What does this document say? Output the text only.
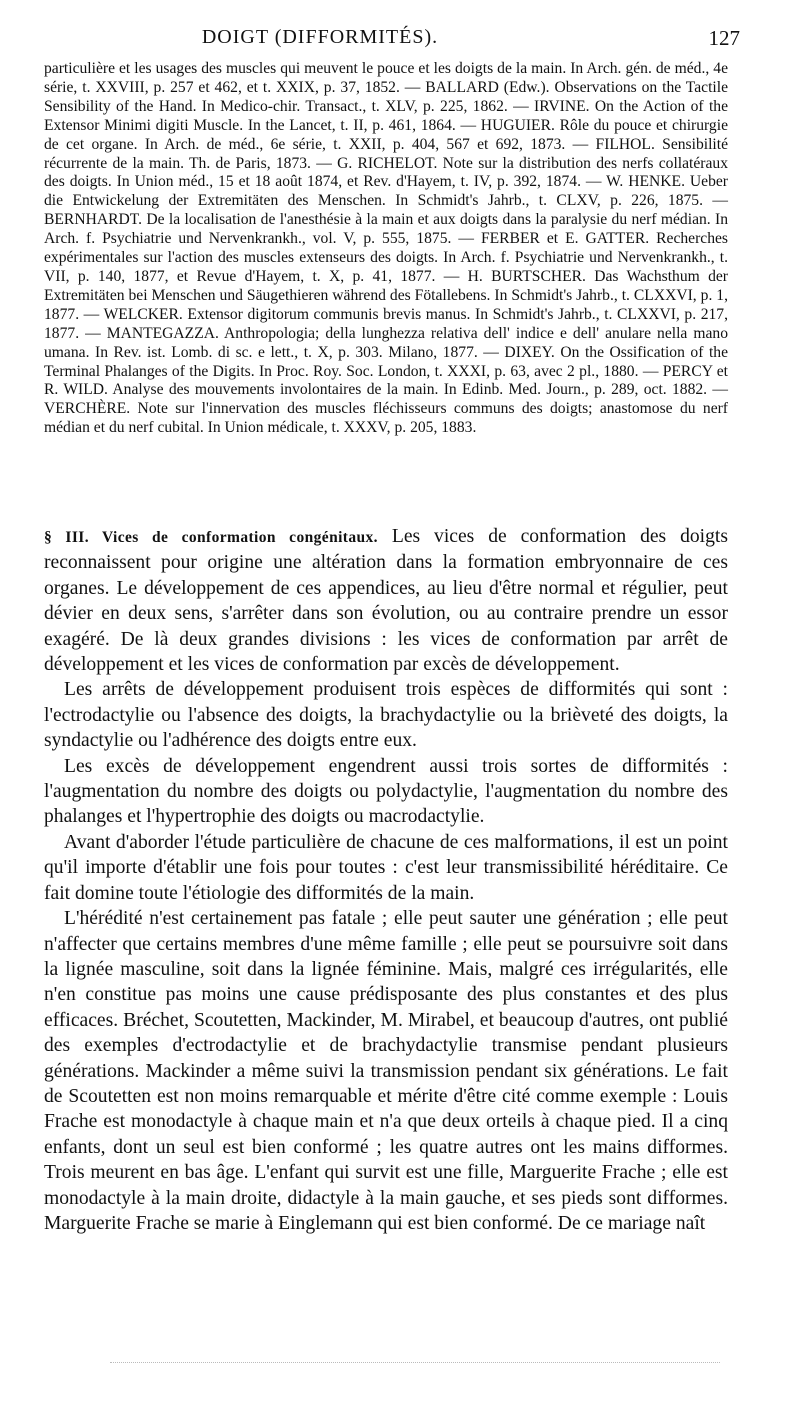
DOIGT (DIFFORMITÉS).	127

particulière et les usages des muscles qui meuvent le pouce et les doigts de la main. In Arch. gén. de méd., 4e série, t. XXVIII, p. 257 et 462, et t. XXIX, p. 37, 1852. — BALLARD (Edw.). Observations on the Tactile Sensibility of the Hand. In Medico-chir. Transact., t. XLV, p. 225, 1862. — IRVINE. On the Action of the Extensor Minimi digiti Muscle. In the Lancet, t. II, p. 461, 1864. — HUGUIER. Rôle du pouce et chirurgie de cet organe. In Arch. de méd., 6e série, t. XXII, p. 404, 567 et 692, 1873. — FILHOL. Sensibilité récurrente de la main. Th. de Paris, 1873. — G. RICHELOT. Note sur la distribution des nerfs collatéraux des doigts. In Union méd., 15 et 18 août 1874, et Rev. d'Hayem, t. IV, p. 392, 1874. — W. HENKE. Ueber die Entwickelung der Extremitäten des Menschen. In Schmidt's Jahrb., t. CLXV, p. 226, 1875. — BERNHARDT. De la localisation de l'anesthésie à la main et aux doigts dans la paralysie du nerf médian. In Arch. f. Psychiatrie und Nervenkrankh., vol. V, p. 555, 1875. — FERBER et E. GATTER. Recherches expérimentales sur l'action des muscles extenseurs des doigts. In Arch. f. Psychiatrie und Nervenkrankh., t. VII, p. 140, 1877, et Revue d'Hayem, t. X, p. 41, 1877. — H. BURTSCHER. Das Wachsthum der Extremitäten bei Menschen und Säugethieren während des Fötallebens. In Schmidt's Jahrb., t. CLXXVI, p. 1, 1877. — WELCKER. Extensor digitorum communis brevis manus. In Schmidt's Jahrb., t. CLXXVI, p. 217, 1877. — MANTEGAZZA. Anthropologia; della lunghezza relativa dell' indice e dell' anulare nella mano umana. In Rev. ist. Lomb. di sc. e lett., t. X, p. 303. Milano, 1877. — DIXEY. On the Ossification of the Terminal Phalanges of the Digits. In Proc. Roy. Soc. London, t. XXXI, p. 63, avec 2 pl., 1880. — PERCY et R. WILD. Analyse des mouvements involontaires de la main. In Edinb. Med. Journ., p. 289, oct. 1882. — VERCHÈRE. Note sur l'innervation des muscles fléchisseurs communs des doigts; anastomose du nerf médian et du nerf cubital. In Union médicale, t. XXXV, p. 205, 1883.

§ III. Vices de conformation congénitaux. Les vices de conformation des doigts reconnaissent pour origine une altération dans la formation embryonnaire de ces organes. Le développement de ces appendices, au lieu d'être normal et régulier, peut dévier en deux sens, s'arrêter dans son évolution, ou au contraire prendre un essor exagéré. De là deux grandes divisions : les vices de conformation par arrêt de développement et les vices de conformation par excès de développement.

Les arrêts de développement produisent trois espèces de difformités qui sont : l'ectrodactylie ou l'absence des doigts, la brachydactylie ou la brièveté des doigts, la syndactylie ou l'adhérence des doigts entre eux.

Les excès de développement engendrent aussi trois sortes de difformités : l'augmentation du nombre des doigts ou polydactylie, l'augmentation du nombre des phalanges et l'hypertrophie des doigts ou macrodactylie.

Avant d'aborder l'étude particulière de chacune de ces malformations, il est un point qu'il importe d'établir une fois pour toutes : c'est leur transmissibilité héréditaire. Ce fait domine toute l'étiologie des difformités de la main.

L'hérédité n'est certainement pas fatale ; elle peut sauter une génération ; elle peut n'affecter que certains membres d'une même famille ; elle peut se poursuivre soit dans la lignée masculine, soit dans la lignée féminine. Mais, malgré ces irrégularités, elle n'en constitue pas moins une cause prédisposante des plus constantes et des plus efficaces. Bréchet, Scoutetten, Mackinder, M. Mirabel, et beaucoup d'autres, ont publié des exemples d'ectrodactylie et de brachydactylie transmise pendant plusieurs générations. Mackinder a même suivi la transmission pendant six générations. Le fait de Scoutetten est non moins remarquable et mérite d'être cité comme exemple : Louis Frache est monodactyle à chaque main et n'a que deux orteils à chaque pied. Il a cinq enfants, dont un seul est bien conformé ; les quatre autres ont les mains difformes. Trois meurent en bas âge. L'enfant qui survit est une fille, Marguerite Frache ; elle est monodactyle à la main droite, didactyle à la main gauche, et ses pieds sont difformes. Marguerite Frache se marie à Einglemann qui est bien conformé. De ce mariage naît
